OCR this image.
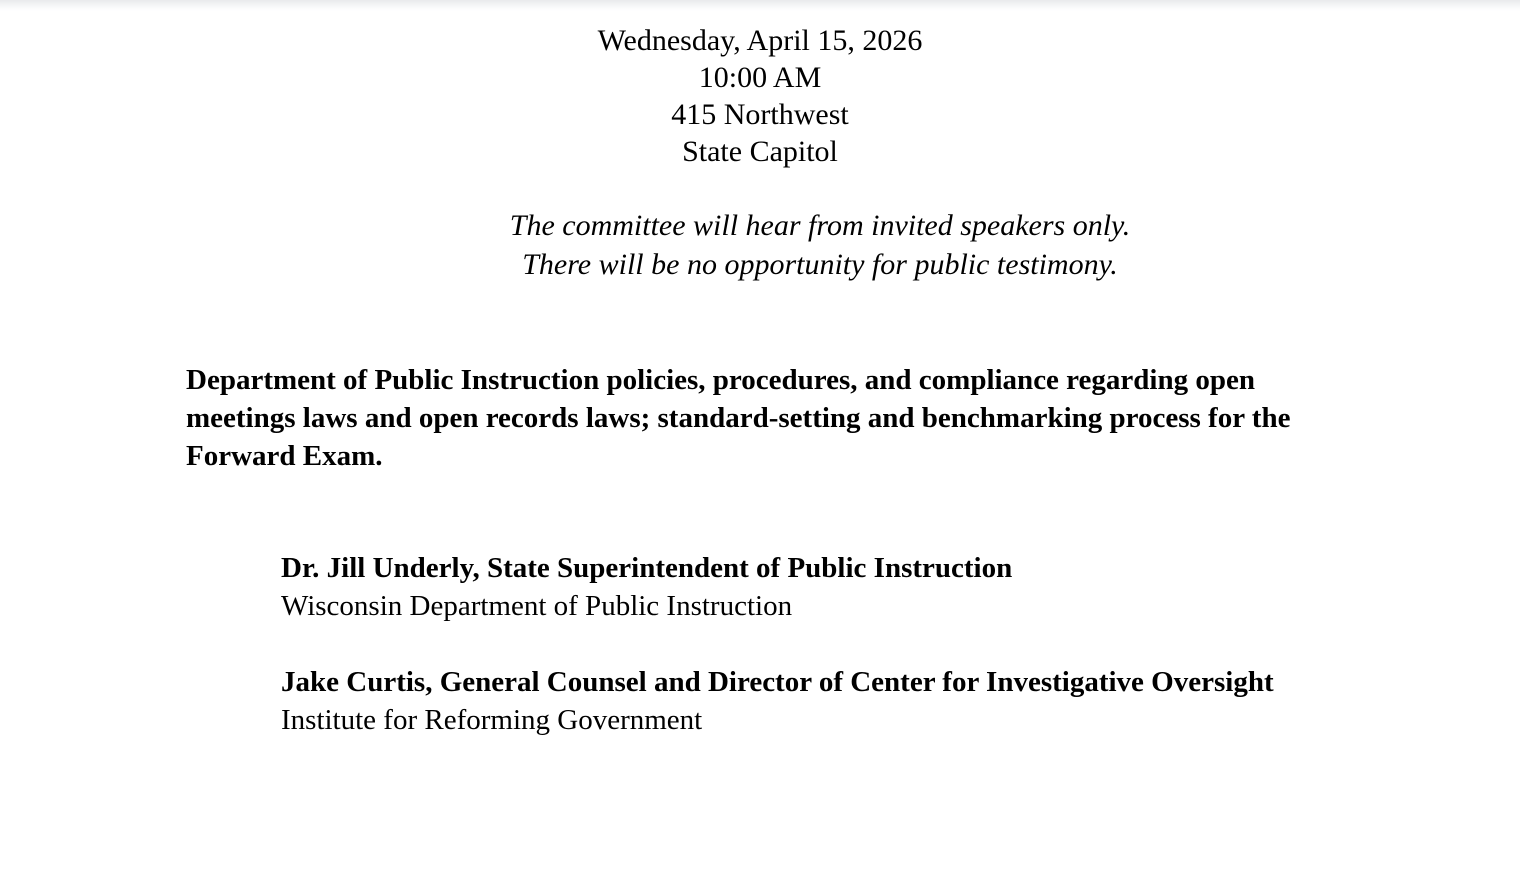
Wednesday, April 15, 2026
10:00 AM
415 Northwest
State Capitol
The committee will hear from invited speakers only.
There will be no opportunity for public testimony.
Department of Public Instruction policies, procedures, and compliance regarding open meetings laws and open records laws; standard-setting and benchmarking process for the Forward Exam.
Dr. Jill Underly, State Superintendent of Public Instruction
Wisconsin Department of Public Instruction
Jake Curtis, General Counsel and Director of Center for Investigative Oversight
Institute for Reforming Government
